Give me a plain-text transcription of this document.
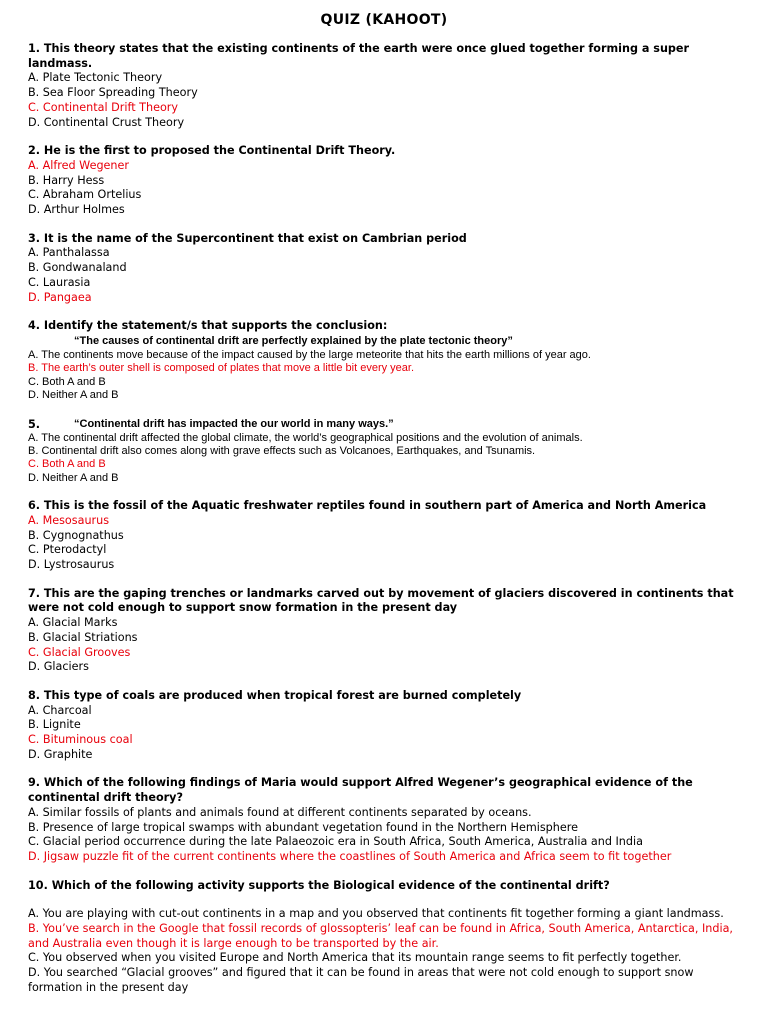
QUIZ (KAHOOT)
1. This theory states that the existing continents of the earth were once glued together forming a super landmass.
A. Plate Tectonic Theory
B. Sea Floor Spreading Theory
C. Continental Drift Theory
D. Continental Crust Theory
2. He is the first to proposed the Continental Drift Theory.
A. Alfred Wegener
B. Harry Hess
C. Abraham Ortelius
D. Arthur Holmes
3. It is the name of the Supercontinent that exist on Cambrian period
A. Panthalassa
B. Gondwanaland
C. Laurasia
D. Pangaea
4. Identify the statement/s that supports the conclusion:
“The causes of continental drift are perfectly explained by the plate tectonic theory”
A. The continents move because of the impact caused by the large meteorite that hits the earth millions of year ago.
B. The earth’s outer shell is composed of plates that move a little bit every year.
C. Both A and B
D. Neither A and B
5.	“Continental drift has impacted the our world in many ways.”
A. The continental drift affected the global climate, the world’s geographical positions and the evolution of animals.
B. Continental drift also comes along with grave effects such as Volcanoes, Earthquakes, and Tsunamis.
C. Both A and B
D. Neither A and B
6. This is the fossil of the Aquatic freshwater reptiles found in southern part of America and North America
A. Mesosaurus
B. Cygnognathus
C. Pterodactyl
D. Lystrosaurus
7. This are the gaping trenches or landmarks carved out by movement of glaciers discovered in continents that were not cold enough to support snow formation in the present day
A. Glacial Marks
B. Glacial Striations
C. Glacial Grooves
D. Glaciers
8. This type of coals are produced when tropical forest are burned completely
A. Charcoal
B. Lignite
C. Bituminous coal
D. Graphite
9. Which of the following findings of Maria would support Alfred Wegener’s geographical evidence of the continental drift theory?
A. Similar fossils of plants and animals found at different continents separated by oceans.
B. Presence of large tropical swamps with abundant vegetation found in the Northern Hemisphere
C. Glacial period occurrence during the late Palaeozoic era in South Africa, South America, Australia and India
D. Jigsaw puzzle fit of the current continents where the coastlines of South America and Africa seem to fit together
10. Which of the following activity supports the Biological evidence of the continental drift?
A. You are playing with cut-out continents in a map and you observed that continents fit together forming a giant landmass.
B. You’ve search in the Google that fossil records of glossopteris’ leaf can be found in Africa, South America, Antarctica, India, and Australia even though it is large enough to be transported by the air.
C. You observed when you visited Europe and North America that its mountain range seems to fit perfectly together.
D. You searched “Glacial grooves” and figured that it can be found in areas that were not cold enough to support snow formation in the present day
